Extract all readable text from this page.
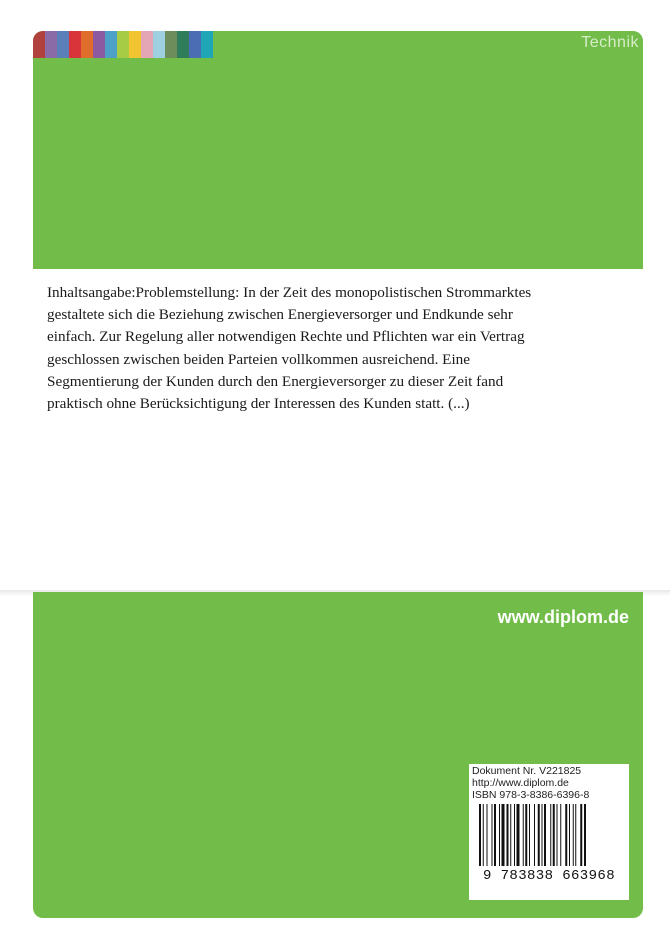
Technik
Inhaltsangabe:Problemstellung: In der Zeit des monopolistischen Strommarktes
gestaltete sich die Beziehung zwischen Energieversorger und Endkunde sehr
einfach. Zur Regelung aller notwendigen Rechte und Pflichten war ein Vertrag
geschlossen zwischen beiden Parteien vollkommen ausreichend. Eine
Segmentierung der Kunden durch den Energieversorger zu dieser Zeit fand
praktisch ohne Berücksichtigung der Interessen des Kunden statt. (...)
www.diplom.de
Dokument Nr. V221825
http://www.diplom.de
ISBN 978-3-8386-6396-8
9 783838 663968
